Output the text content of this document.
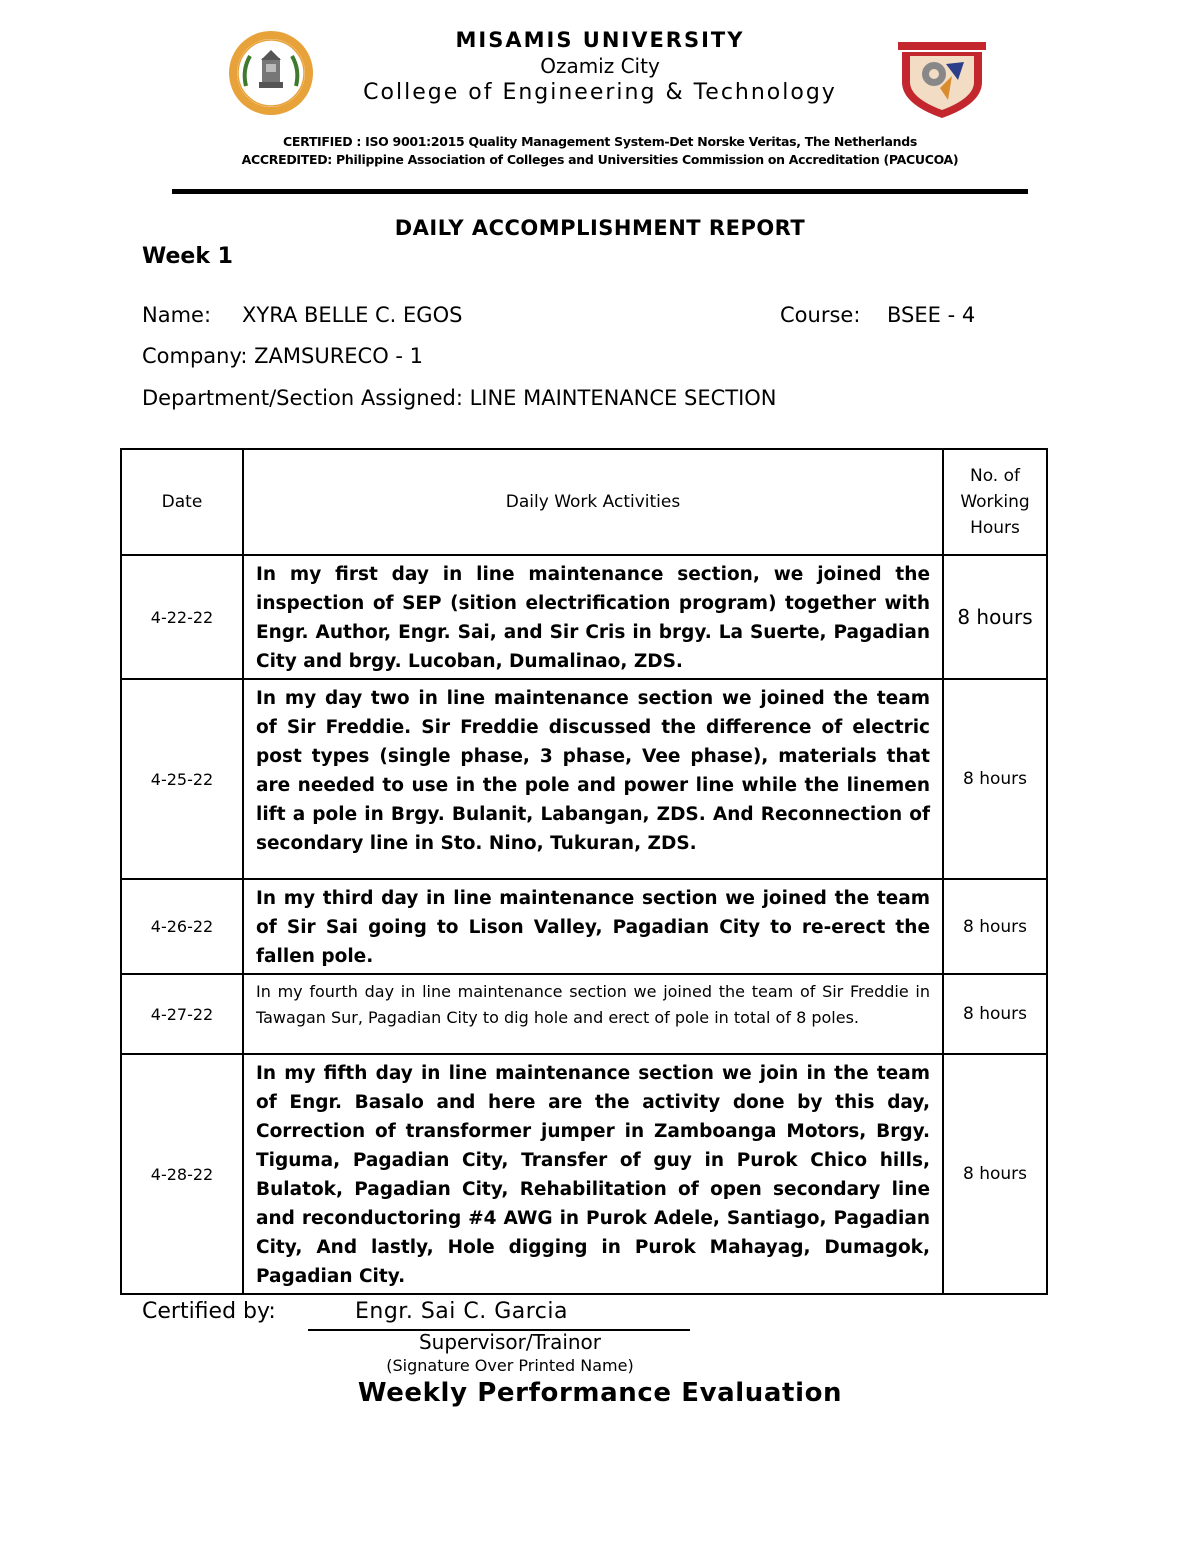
MISAMIS UNIVERSITY
Ozamiz City
College of Engineering & Technology
CERTIFIED : ISO 9001:2015 Quality Management System-Det Norske Veritas, The Netherlands
ACCREDITED: Philippine Association of Colleges and Universities Commission on Accreditation (PACUCOA)
DAILY ACCOMPLISHMENT REPORT
Week 1
Name: XYRA BELLE C. EGOS	Course: BSEE - 4
Company: ZAMSURECO - 1
Department/Section Assigned: LINE MAINTENANCE SECTION
Date	Daily Work Activities	No. of Working Hours

4-22-22	In my first day in line maintenance section, we joined the inspection of SEP (sition electrification program) together with Engr. Author, Engr. Sai, and Sir Cris in brgy. La Suerte, Pagadian City and brgy. Lucoban, Dumalinao, ZDS.	8 hours
4-25-22	In my day two in line maintenance section we joined the team of Sir Freddie. Sir Freddie discussed the difference of electric post types (single phase, 3 phase, Vee phase), materials that are needed to use in the pole and power line while the linemen lift a pole in Brgy. Bulanit, Labangan, ZDS. And Reconnection of secondary line in Sto. Nino, Tukuran, ZDS.	8 hours
4-26-22	In my third day in line maintenance section we joined the team of Sir Sai going to Lison Valley, Pagadian City to re-erect the fallen pole.	8 hours
4-27-22	In my fourth day in line maintenance section we joined the team of Sir Freddie in Tawagan Sur, Pagadian City to dig hole and erect of pole in total of 8 poles.	8 hours
4-28-22	In my fifth day in line maintenance section we join in the team of Engr. Basalo and here are the activity done by this day, Correction of transformer jumper in Zamboanga Motors, Brgy. Tiguma, Pagadian City, Transfer of guy in Purok Chico hills, Bulatok, Pagadian City, Rehabilitation of open secondary line and reconductoring #4 AWG in Purok Adele, Santiago, Pagadian City, And lastly, Hole digging in Purok Mahayag, Dumagok, Pagadian City.	8 hours
Certified by:	Engr. Sai C. Garcia
Supervisor/Trainor
(Signature Over Printed Name)
Weekly Performance Evaluation
